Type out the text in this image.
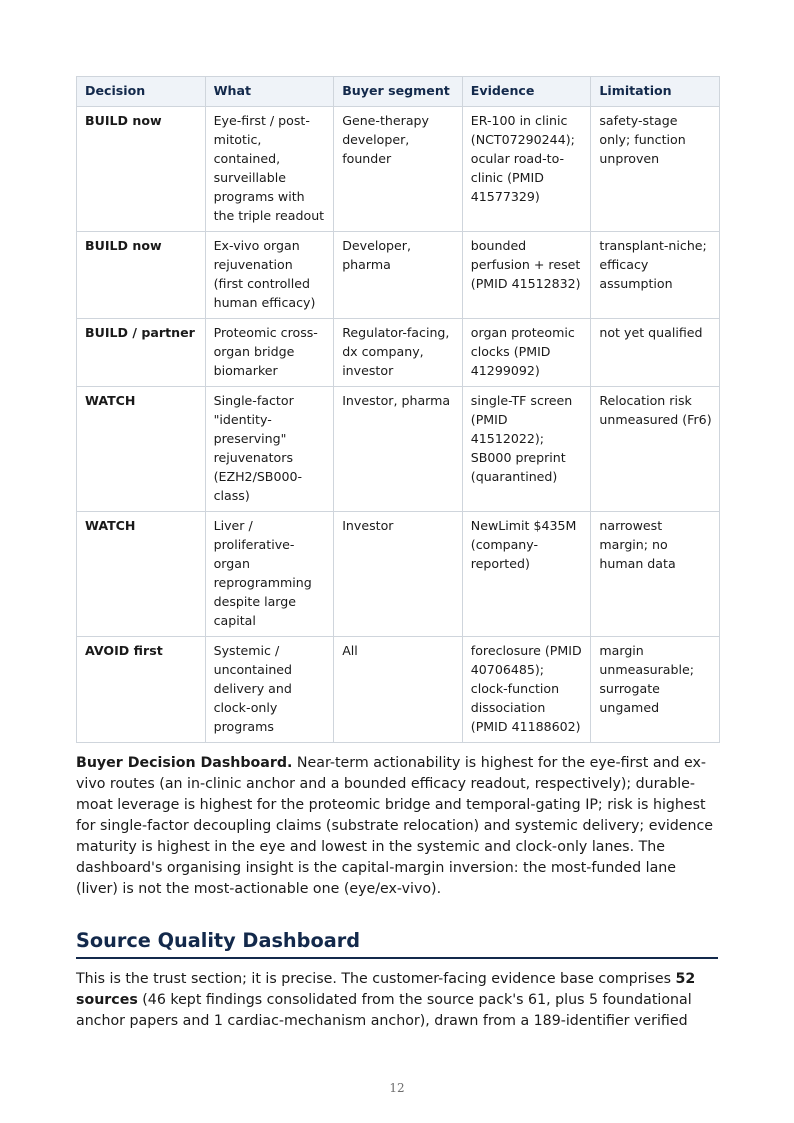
Decision	What	Buyer segment	Evidence	Limitation
BUILD now	Eye-first / post-mitotic, contained, surveillable programs with the triple readout	Gene-therapy developer, founder	ER-100 in clinic (NCT07290244); ocular road-to-clinic (PMID 41577329)	safety-stage only; function unproven
BUILD now	Ex-vivo organ rejuvenation (first controlled human efficacy)	Developer, pharma	bounded perfusion + reset (PMID 41512832)	transplant-niche; efficacy assumption
BUILD / partner	Proteomic cross-organ bridge biomarker	Regulator-facing, dx company, investor	organ proteomic clocks (PMID 41299092)	not yet qualified
WATCH	Single-factor "identity-preserving" rejuvenators (EZH2/SB000-class)	Investor, pharma	single-TF screen (PMID 41512022); SB000 preprint (quarantined)	Relocation risk unmeasured (Fr6)
WATCH	Liver / proliferative-organ reprogramming despite large capital	Investor	NewLimit $435M (company-reported)	narrowest margin; no human data
AVOID first	Systemic / uncontained delivery and clock-only programs	All	foreclosure (PMID 40706485); clock-function dissociation (PMID 41188602)	margin unmeasurable; surrogate ungamed

Buyer Decision Dashboard. Near-term actionability is highest for the eye-first and ex-vivo routes (an in-clinic anchor and a bounded efficacy readout, respectively); durable-moat leverage is highest for the proteomic bridge and temporal-gating IP; risk is highest for single-factor decoupling claims (substrate relocation) and systemic delivery; evidence maturity is highest in the eye and lowest in the systemic and clock-only lanes. The dashboard's organising insight is the capital-margin inversion: the most-funded lane (liver) is not the most-actionable one (eye/ex-vivo).

Source Quality Dashboard

This is the trust section; it is precise. The customer-facing evidence base comprises 52 sources (46 kept findings consolidated from the source pack's 61, plus 5 foundational anchor papers and 1 cardiac-mechanism anchor), drawn from a 189-identifier verified

12
